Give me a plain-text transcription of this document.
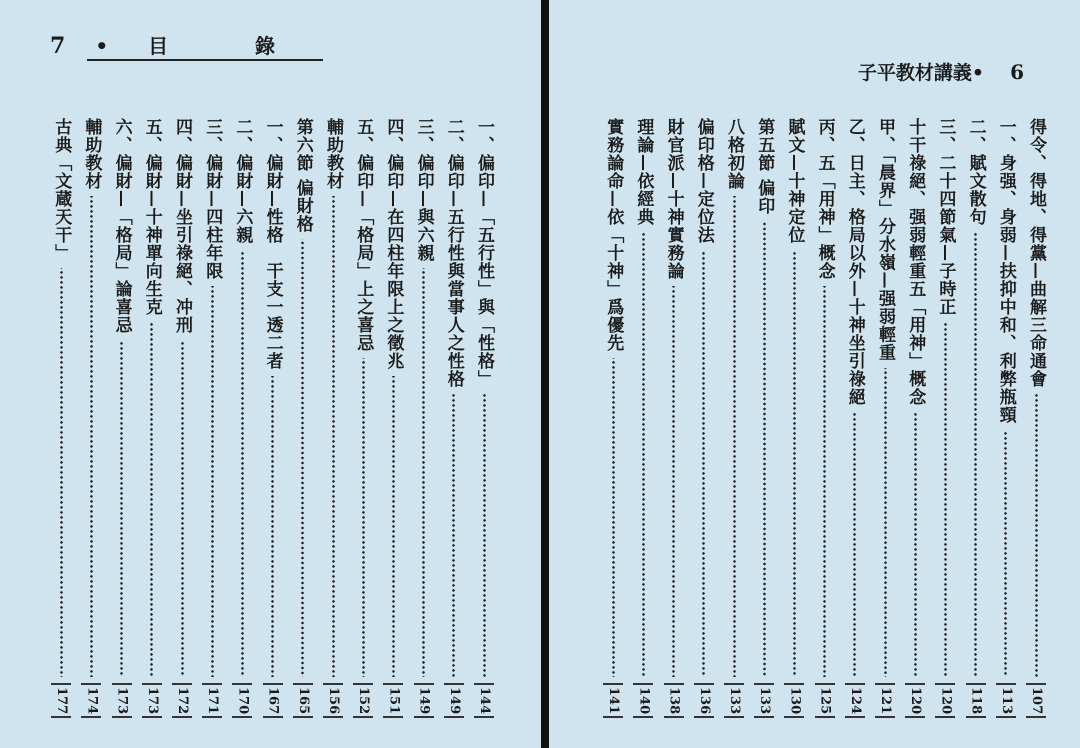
7	•目 錄
一、偏印—「五行性」與「性格」
144
二、偏印—五行性與當事人之性格
149
三、偏印—與六親
149
四、偏印—在四柱年限上之徵兆
151
五、偏印—「格局」上之喜忌
152
輔助教材
156
第六節 偏財格
165
一、偏財—性格　干支一透二者
167
二、偏財—六親
170
三、偏財—四柱年限
171
四、偏財—坐引祿絕、冲刑
172
五、偏財—十神單向生克
173
六、偏財—「格局」論喜忌
173
輔助教材
174
古典「文蔵天干」
177
子平教材講義• 6
得令、得地、得黨—曲解三命通會
107
一、身强、身弱—扶抑中和、利弊瓶頸
113
二、賦文散句
118
三、二十四節氣—子時正
120
十干祿絕、强弱輕重五「用神」概念
120
甲、「晨界」分水嶺—强弱輕重
121
乙、日主、格局以外—十神坐引祿絕
124
丙、五「用神」概念
125
賦文—十神定位
130
第五節 偏印
133
八格初論
133
偏印格—定位法
136
財官派—十神實務論
138
理論—依經典
140
實務論命—依「十神」爲優先
141
